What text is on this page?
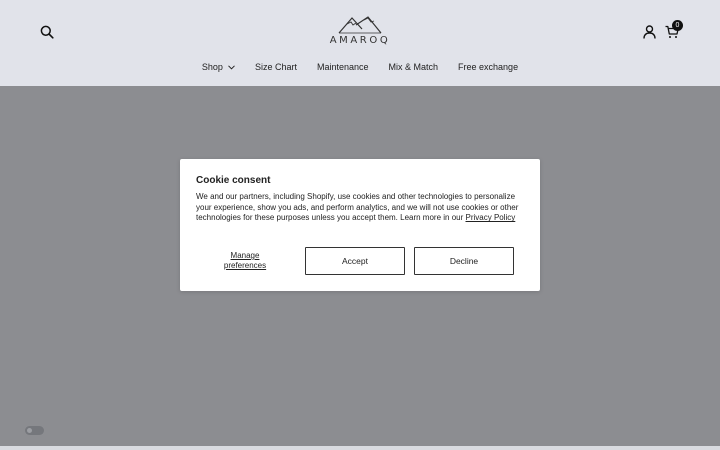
AMAROQ
0
Shop	Size Chart Maintenance Mix & Match Free exchange
Cookie consent
We and our partners, including Shopify, use cookies and other technologies to personalize your experience, show you ads, and perform analytics, and we will not use cookies or other technologies for these purposes unless you accept them. Learn more in our Privacy Policy
Manage preferences	Accept	Decline
